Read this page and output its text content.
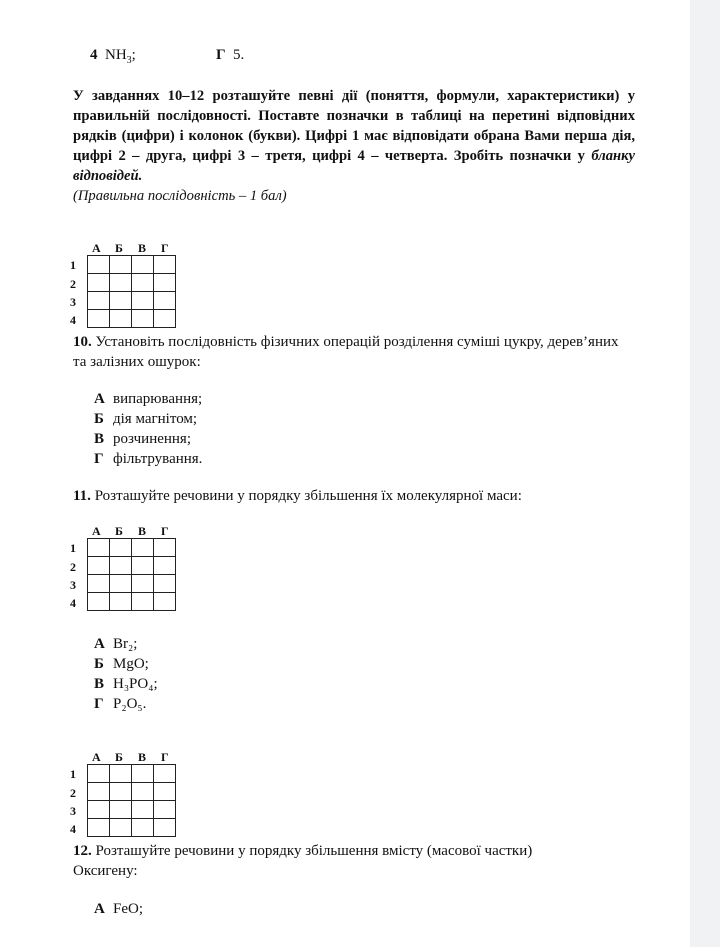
4 $NH_3$;	Г 5.
У завданнях 10–12 розташуйте певні дії (поняття, формули, характеристики) у правильній послідовності. Поставте позначки в таблиці на перетині відповідних рядків (цифри) і колонок (букви). Цифрі 1 має відповідати обрана Вами перша дія, цифрі 2 – друга, цифрі 3 – третя, цифрі 4 – четверта. Зробіть позначки у бланку відповідей.
(Правильна послідовність – 1 бал)
А Б В Г
1
2
3
4

10. Установіть послідовність фізичних операцій розділення суміші цукру, дерев’яних та залізних ошурок:
А випарювання;
Б дія магнітом;
В розчинення;
Г фільтрування.
11. Розташуйте речовини у порядку збільшення їх молекулярної маси:
А Б В Г
1
2
3
4

А Br₂;
Б MgO;
В H₃PO₄;
Г P₂O₅.
А Б В Г
1
2
3
4

12. Розташуйте речовини у порядку збільшення вмісту (масової частки) Оксигену:
А FeO;
